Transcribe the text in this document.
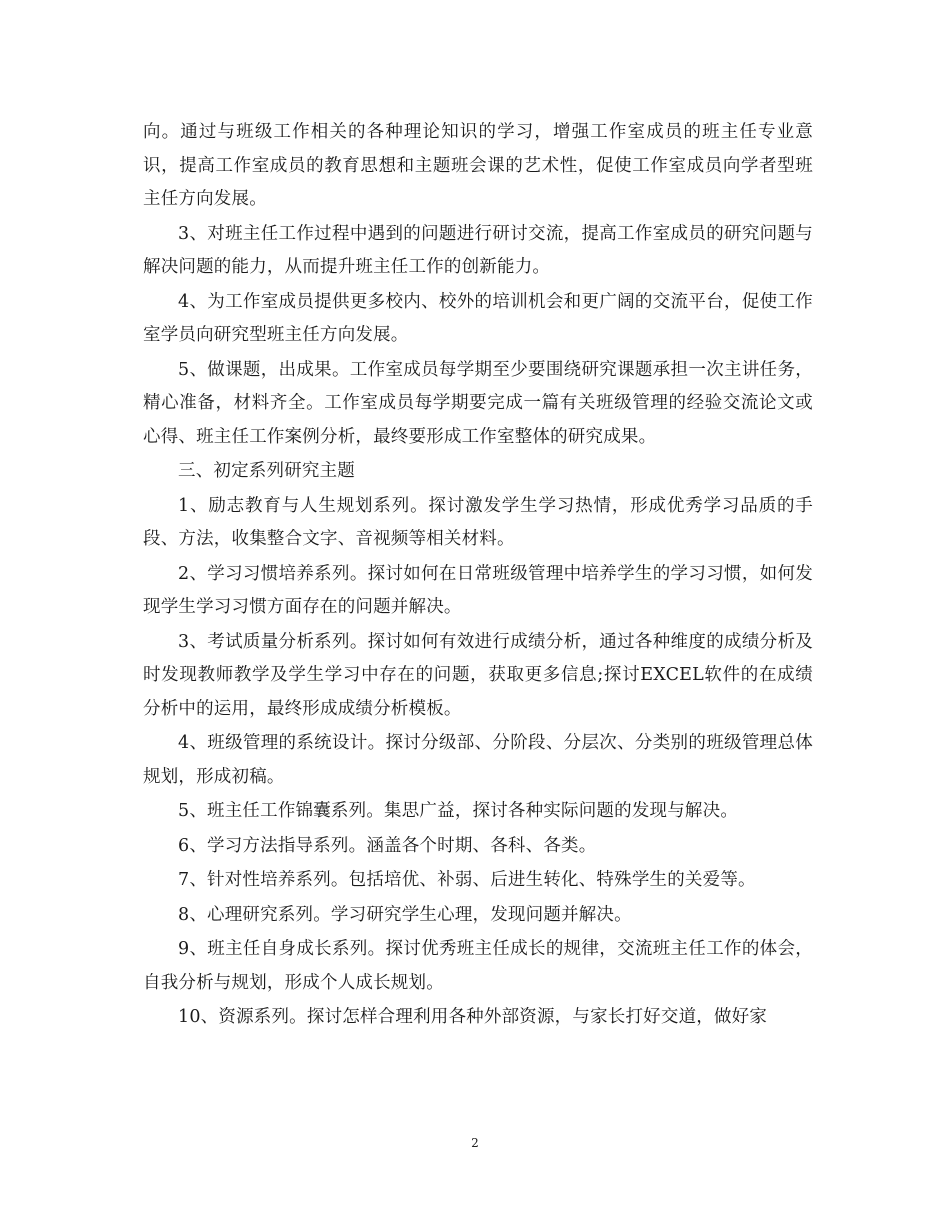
向。通过与班级工作相关的各种理论知识的学习，增强工作室成员的班主任专业意识，提高工作室成员的教育思想和主题班会课的艺术性，促使工作室成员向学者型班主任方向发展。

3、对班主任工作过程中遇到的问题进行研讨交流，提高工作室成员的研究问题与解决问题的能力，从而提升班主任工作的创新能力。

4、为工作室成员提供更多校内、校外的培训机会和更广阔的交流平台，促使工作室学员向研究型班主任方向发展。

5、做课题，出成果。工作室成员每学期至少要围绕研究课题承担一次主讲任务，精心准备，材料齐全。工作室成员每学期要完成一篇有关班级管理的经验交流论文或心得、班主任工作案例分析，最终要形成工作室整体的研究成果。

三、初定系列研究主题

1、励志教育与人生规划系列。探讨激发学生学习热情，形成优秀学习品质的手段、方法，收集整合文字、音视频等相关材料。

2、学习习惯培养系列。探讨如何在日常班级管理中培养学生的学习习惯，如何发现学生学习习惯方面存在的问题并解决。

3、考试质量分析系列。探讨如何有效进行成绩分析，通过各种维度的成绩分析及时发现教师教学及学生学习中存在的问题，获取更多信息;探讨EXCEL软件的在成绩分析中的运用，最终形成成绩分析模板。

4、班级管理的系统设计。探讨分级部、分阶段、分层次、分类别的班级管理总体规划，形成初稿。

5、班主任工作锦囊系列。集思广益，探讨各种实际问题的发现与解决。

6、学习方法指导系列。涵盖各个时期、各科、各类。

7、针对性培养系列。包括培优、补弱、后进生转化、特殊学生的关爱等。

8、心理研究系列。学习研究学生心理，发现问题并解决。

9、班主任自身成长系列。探讨优秀班主任成长的规律，交流班主任工作的体会，自我分析与规划，形成个人成长规划。

10、资源系列。探讨怎样合理利用各种外部资源，与家长打好交道，做好家

2
